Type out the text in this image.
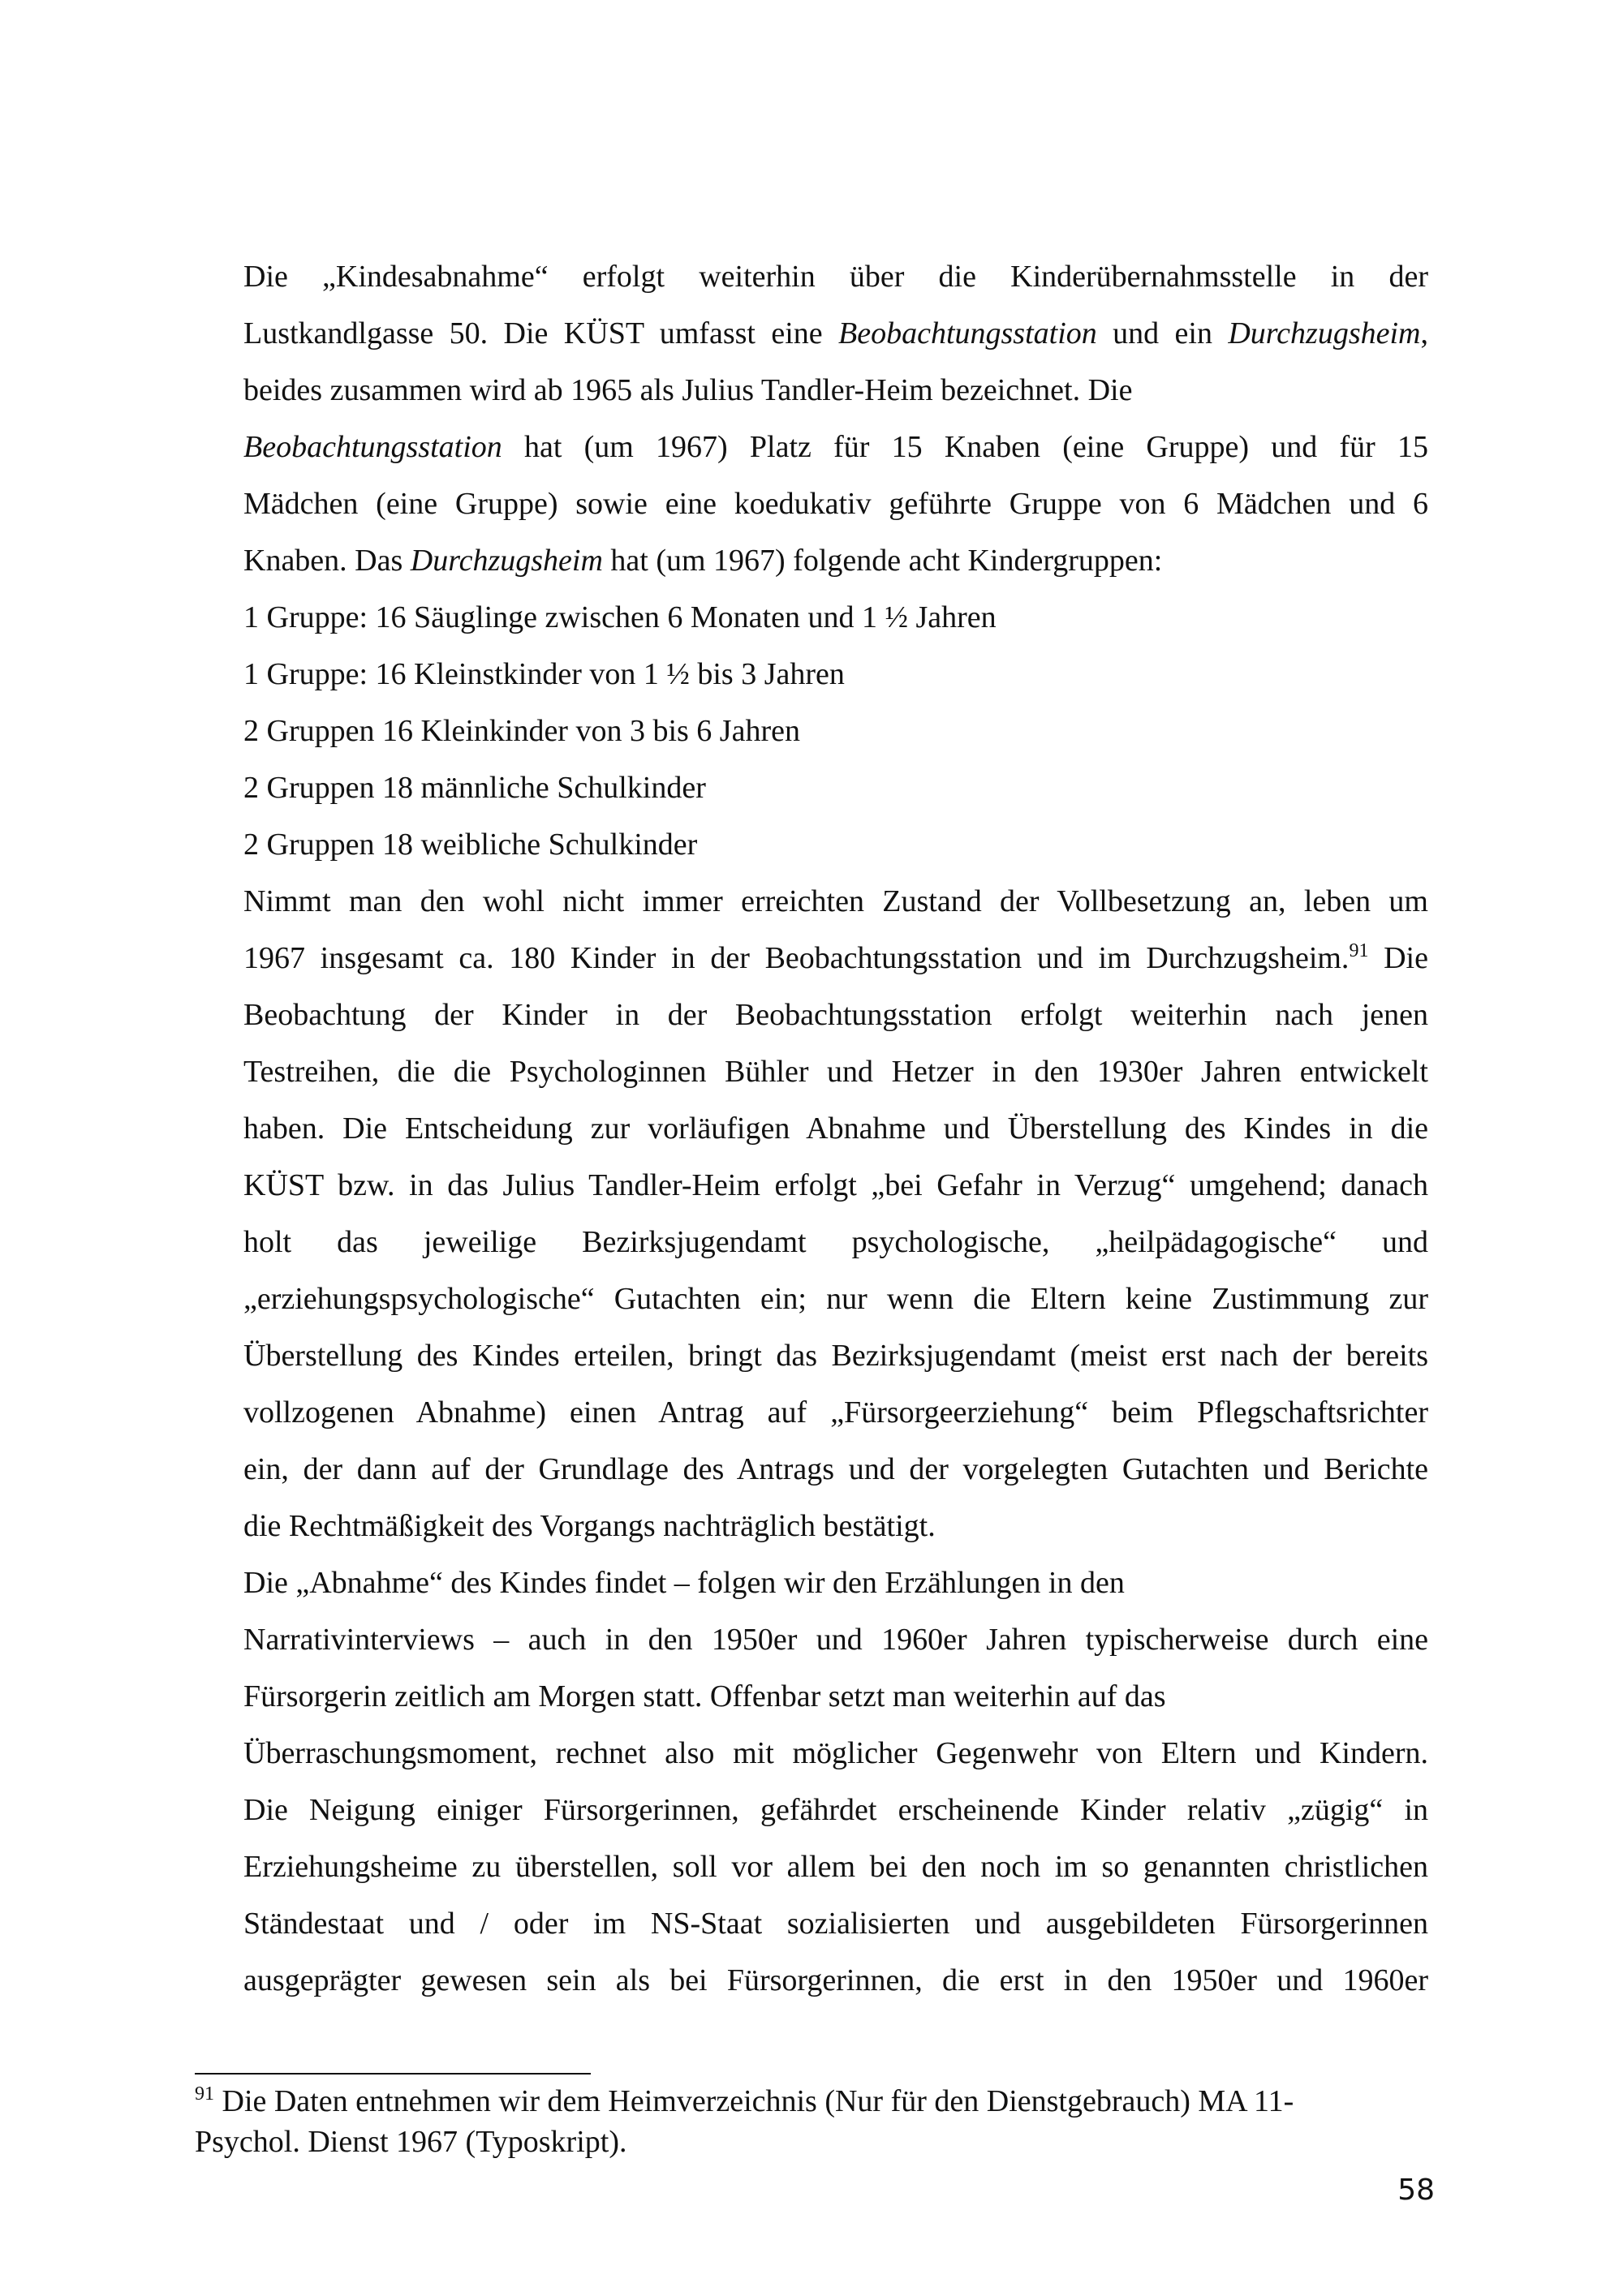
Die „Kindesabnahme“ erfolgt weiterhin über die Kinderübernahmsstelle in der
Lustkandlgasse 50. Die KÜST umfasst eine Beobachtungsstation und ein Durchzugsheim,
beides zusammen wird ab 1965 als Julius Tandler-Heim bezeichnet. Die
Beobachtungsstation hat (um 1967) Platz für 15 Knaben (eine Gruppe) und für 15
Mädchen (eine Gruppe) sowie eine koedukativ geführte Gruppe von 6 Mädchen und 6
Knaben. Das Durchzugsheim hat (um 1967) folgende acht Kindergruppen:
1 Gruppe: 16 Säuglinge zwischen 6 Monaten und 1 ½ Jahren
1 Gruppe: 16 Kleinstkinder von 1 ½ bis 3 Jahren
2 Gruppen 16 Kleinkinder von 3 bis 6 Jahren
2 Gruppen 18 männliche Schulkinder
2 Gruppen 18 weibliche Schulkinder
Nimmt man den wohl nicht immer erreichten Zustand der Vollbesetzung an, leben um
1967 insgesamt ca. 180 Kinder in der Beobachtungsstation und im Durchzugsheim.$^{91}$ Die
Beobachtung der Kinder in der Beobachtungsstation erfolgt weiterhin nach jenen
Testreihen, die die Psychologinnen Bühler und Hetzer in den 1930er Jahren entwickelt
haben. Die Entscheidung zur vorläufigen Abnahme und Überstellung des Kindes in die
KÜST bzw. in das Julius Tandler-Heim erfolgt „bei Gefahr in Verzug“ umgehend; danach
holt das jeweilige Bezirksjugendamt psychologische, „heilpädagogische“ und
„erziehungspsychologische“ Gutachten ein; nur wenn die Eltern keine Zustimmung zur
Überstellung des Kindes erteilen, bringt das Bezirksjugendamt (meist erst nach der bereits
vollzogenen Abnahme) einen Antrag auf „Fürsorgeerziehung“ beim Pflegschaftsrichter
ein, der dann auf der Grundlage des Antrags und der vorgelegten Gutachten und Berichte
die Rechtmäßigkeit des Vorgangs nachträglich bestätigt.
Die „Abnahme“ des Kindes findet – folgen wir den Erzählungen in den
Narrativinterviews – auch in den 1950er und 1960er Jahren typischerweise durch eine
Fürsorgerin zeitlich am Morgen statt. Offenbar setzt man weiterhin auf das
Überraschungsmoment, rechnet also mit möglicher Gegenwehr von Eltern und Kindern.
Die Neigung einiger Fürsorgerinnen, gefährdet erscheinende Kinder relativ „zügig“ in
Erziehungsheime zu überstellen, soll vor allem bei den noch im so genannten christlichen
Ständestaat und / oder im NS-Staat sozialisierten und ausgebildeten Fürsorgerinnen
ausgeprägter gewesen sein als bei Fürsorgerinnen, die erst in den 1950er und 1960er
$^{91}$ Die Daten entnehmen wir dem Heimverzeichnis (Nur für den Dienstgebrauch) MA 11-
Psychol. Dienst 1967 (Typoskript).
58
